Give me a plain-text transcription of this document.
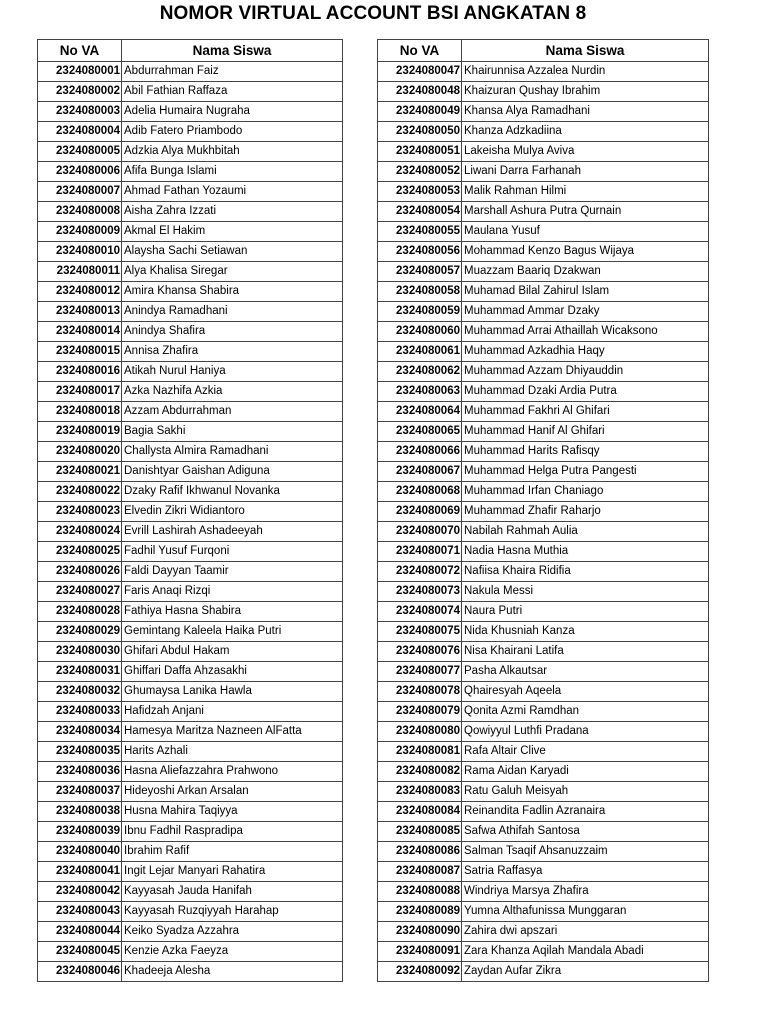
NOMOR VIRTUAL ACCOUNT BSI ANGKATAN 8
No VA	Nama Siswa
2324080001	Abdurrahman Faiz
2324080002	Abil Fathian Raffaza
2324080003	Adelia Humaira Nugraha
2324080004	Adib Fatero Priambodo
2324080005	Adzkia Alya Mukhbitah
2324080006	Afifa Bunga Islami
2324080007	Ahmad Fathan Yozaumi
2324080008	Aisha Zahra Izzati
2324080009	Akmal El Hakim
2324080010	Alaysha Sachi Setiawan
2324080011	Alya Khalisa Siregar
2324080012	Amira Khansa Shabira
2324080013	Anindya Ramadhani
2324080014	Anindya Shafira
2324080015	Annisa Zhafira
2324080016	Atikah Nurul Haniya
2324080017	Azka Nazhifa Azkia
2324080018	Azzam Abdurrahman
2324080019	Bagia Sakhi
2324080020	Challysta Almira Ramadhani
2324080021	Danishtyar Gaishan Adiguna
2324080022	Dzaky Rafif Ikhwanul Novanka
2324080023	Elvedin Zikri Widiantoro
2324080024	Evrill Lashirah Ashadeeyah
2324080025	Fadhil Yusuf Furqoni
2324080026	Faldi Dayyan Taamir
2324080027	Faris Anaqi Rizqi
2324080028	Fathiya Hasna Shabira
2324080029	Gemintang Kaleela Haika Putri
2324080030	Ghifari Abdul Hakam
2324080031	Ghiffari Daffa Ahzasakhi
2324080032	Ghumaysa Lanika Hawla
2324080033	Hafidzah Anjani
2324080034	Hamesya Maritza Nazneen AlFatta
2324080035	Harits Azhali
2324080036	Hasna Aliefazzahra Prahwono
2324080037	Hideyoshi Arkan Arsalan
2324080038	Husna Mahira Taqiyya
2324080039	Ibnu Fadhil Raspradipa
2324080040	Ibrahim Rafif
2324080041	Ingit Lejar Manyari Rahatira
2324080042	Kayyasah Jauda Hanifah
2324080043	Kayyasah Ruzqiyyah Harahap
2324080044	Keiko Syadza Azzahra
2324080045	Kenzie Azka Faeyza
2324080046	Khadeeja Alesha
No VA	Nama Siswa
2324080047	Khairunnisa Azzalea Nurdin
2324080048	Khaizuran Qushay Ibrahim
2324080049	Khansa Alya Ramadhani
2324080050	Khanza Adzkadiina
2324080051	Lakeisha Mulya Aviva
2324080052	Liwani Darra Farhanah
2324080053	Malik Rahman Hilmi
2324080054	Marshall Ashura Putra Qurnain
2324080055	Maulana Yusuf
2324080056	Mohammad Kenzo Bagus Wijaya
2324080057	Muazzam Baariq Dzakwan
2324080058	Muhamad Bilal Zahirul Islam
2324080059	Muhammad Ammar Dzaky
2324080060	Muhammad Arrai Athaillah Wicaksono
2324080061	Muhammad Azkadhia Haqy
2324080062	Muhammad Azzam Dhiyauddin
2324080063	Muhammad Dzaki Ardia Putra
2324080064	Muhammad Fakhri Al Ghifari
2324080065	Muhammad Hanif Al Ghifari
2324080066	Muhammad Harits Rafisqy
2324080067	Muhammad Helga Putra Pangesti
2324080068	Muhammad Irfan Chaniago
2324080069	Muhammad Zhafir Raharjo
2324080070	Nabilah Rahmah Aulia
2324080071	Nadia Hasna Muthia
2324080072	Nafiisa Khaira Ridifia
2324080073	Nakula Messi
2324080074	Naura Putri
2324080075	Nida Khusniah Kanza
2324080076	Nisa Khairani Latifa
2324080077	Pasha Alkautsar
2324080078	Qhairesyah Aqeela
2324080079	Qonita Azmi Ramdhan
2324080080	Qowiyyul Luthfi Pradana
2324080081	Rafa Altair Clive
2324080082	Rama Aidan Karyadi
2324080083	Ratu Galuh Meisyah
2324080084	Reinandita Fadlin Azranaira
2324080085	Safwa Athifah Santosa
2324080086	Salman Tsaqif Ahsanuzzaim
2324080087	Satria Raffasya
2324080088	Windriya Marsya Zhafira
2324080089	Yumna Althafunissa Munggaran
2324080090	Zahira dwi apszari
2324080091	Zara Khanza Aqilah Mandala Abadi
2324080092	Zaydan Aufar Zikra
